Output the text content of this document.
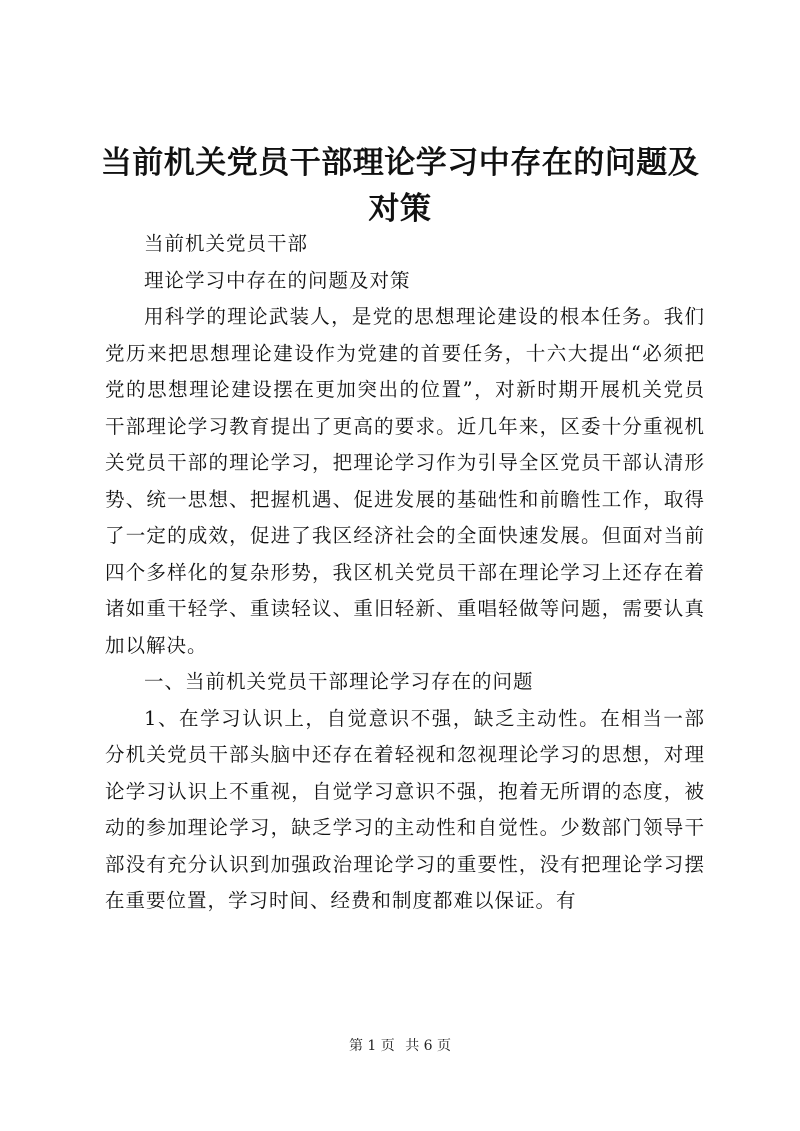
当前机关党员干部理论学习中存在的问题及对策

当前机关党员干部

理论学习中存在的问题及对策

用科学的理论武装人，是党的思想理论建设的根本任务。我们党历来把思想理论建设作为党建的首要任务，十六大提出“必须把党的思想理论建设摆在更加突出的位置”，对新时期开展机关党员干部理论学习教育提出了更高的要求。近几年来，区委十分重视机关党员干部的理论学习，把理论学习作为引导全区党员干部认清形势、统一思想、把握机遇、促进发展的基础性和前瞻性工作，取得了一定的成效，促进了我区经济社会的全面快速发展。但面对当前四个多样化的复杂形势，我区机关党员干部在理论学习上还存在着诸如重干轻学、重读轻议、重旧轻新、重唱轻做等问题，需要认真加以解决。

一、当前机关党员干部理论学习存在的问题

1、在学习认识上，自觉意识不强，缺乏主动性。在相当一部分机关党员干部头脑中还存在着轻视和忽视理论学习的思想，对理论学习认识上不重视，自觉学习意识不强，抱着无所谓的态度，被动的参加理论学习，缺乏学习的主动性和自觉性。少数部门领导干部没有充分认识到加强政治理论学习的重要性，没有把理论学习摆在重要位置，学习时间、经费和制度都难以保证。有

第 1 页 共 6 页
